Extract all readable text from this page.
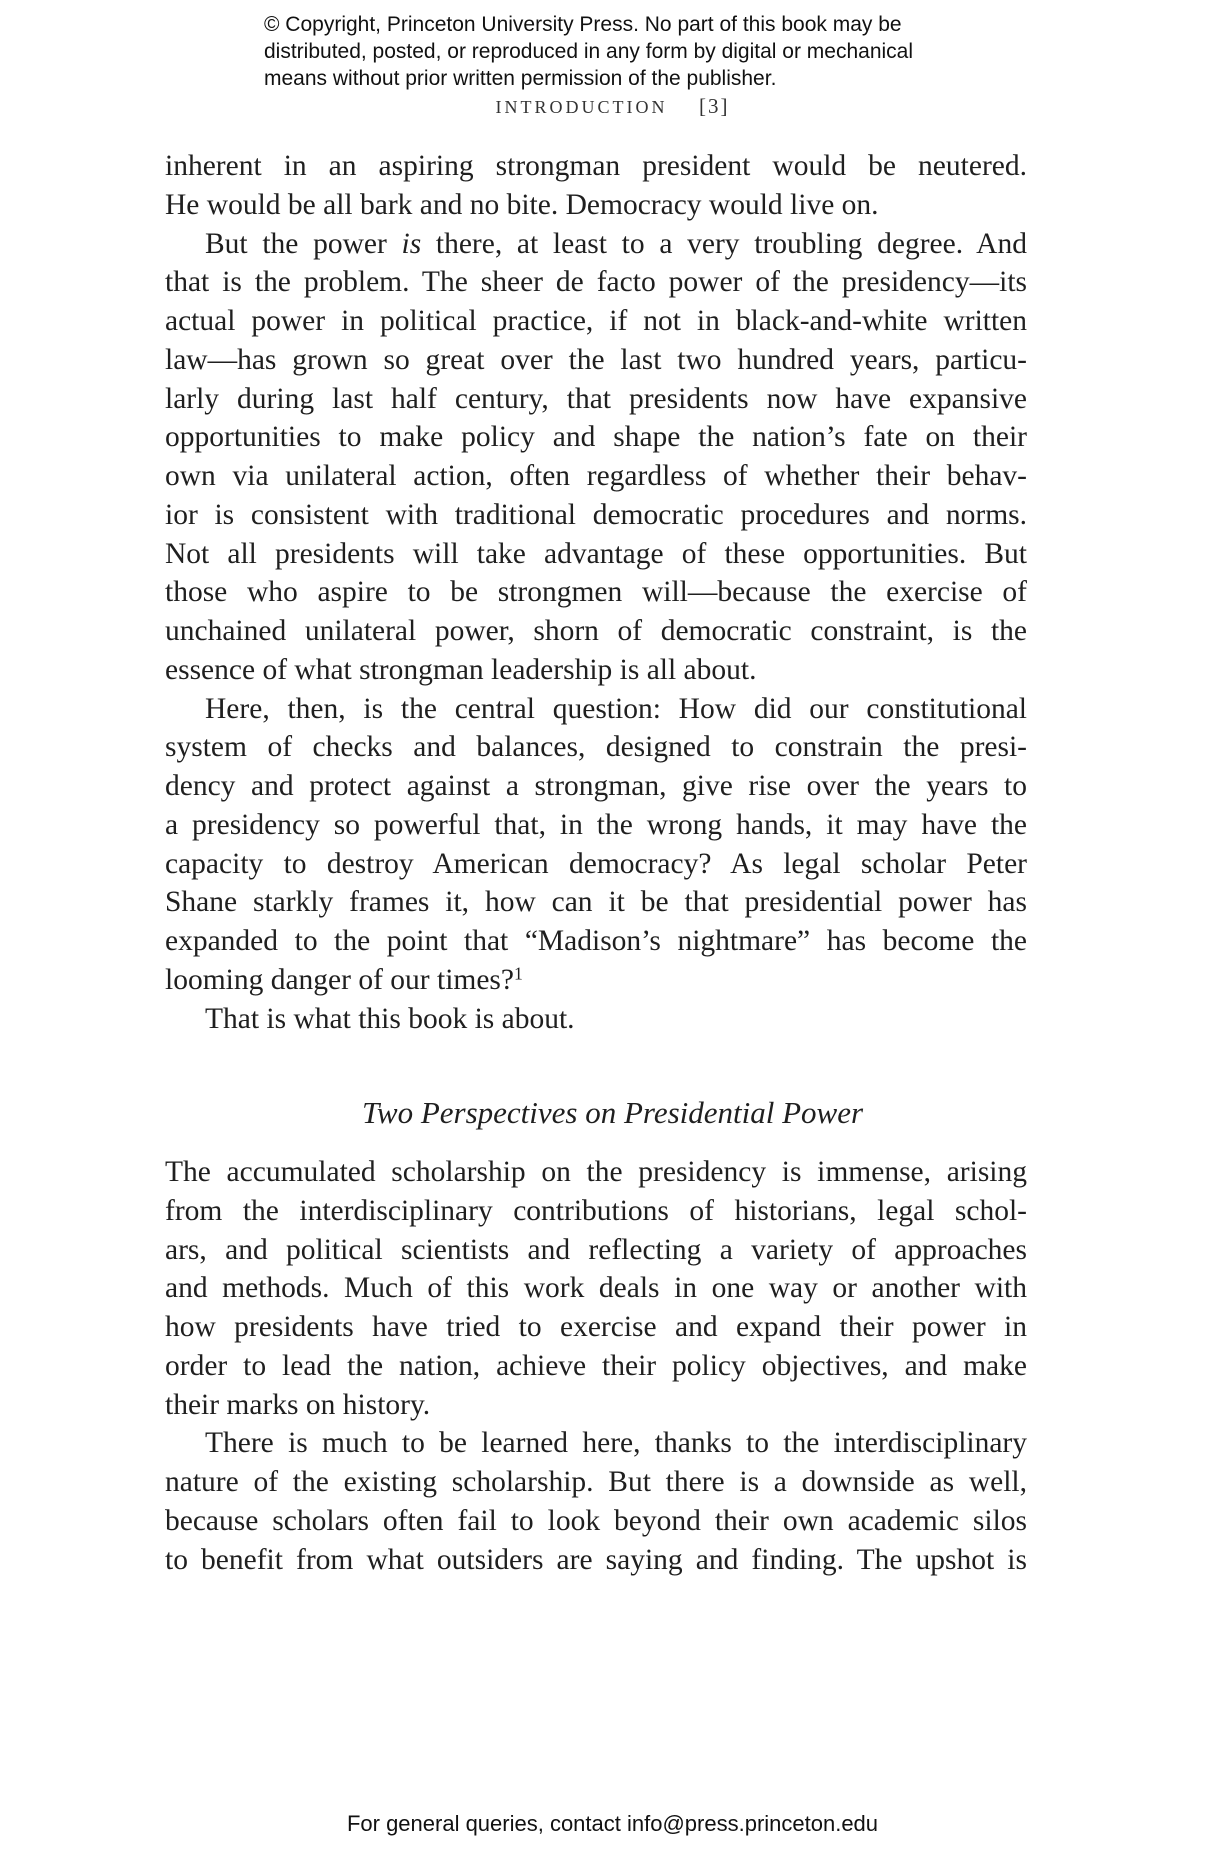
© Copyright, Princeton University Press. No part of this book may be
distributed, posted, or reproduced in any form by digital or mechanical
means without prior written permission of the publisher.
INTRODUCTION [3]
inherent in an aspiring strongman president would be neutered.
He would be all bark and no bite. Democracy would live on.
But the power is there, at least to a very troubling degree. And
that is the problem. The sheer de facto power of the presidency—its
actual power in political practice, if not in black-and-white written
law—has grown so great over the last two hundred years, particu-
larly during last half century, that presidents now have expansive
opportunities to make policy and shape the nation’s fate on their
own via unilateral action, often regardless of whether their behav-
ior is consistent with traditional democratic procedures and norms.
Not all presidents will take advantage of these opportunities. But
those who aspire to be strongmen will—because the exercise of
unchained unilateral power, shorn of democratic constraint, is the
essence of what strongman leadership is all about.
Here, then, is the central question: How did our constitutional
system of checks and balances, designed to constrain the presi-
dency and protect against a strongman, give rise over the years to
a presidency so powerful that, in the wrong hands, it may have the
capacity to destroy American democracy? As legal scholar Peter
Shane starkly frames it, how can it be that presidential power has
expanded to the point that “Madison’s nightmare” has become the
looming danger of our times?$^1$
That is what this book is about.
Two Perspectives on Presidential Power
The accumulated scholarship on the presidency is immense, arising
from the interdisciplinary contributions of historians, legal schol-
ars, and political scientists and reflecting a variety of approaches
and methods. Much of this work deals in one way or another with
how presidents have tried to exercise and expand their power in
order to lead the nation, achieve their policy objectives, and make
their marks on history.
There is much to be learned here, thanks to the interdisciplinary
nature of the existing scholarship. But there is a downside as well,
because scholars often fail to look beyond their own academic silos
to benefit from what outsiders are saying and finding. The upshot is
For general queries, contact info@press.princeton.edu
